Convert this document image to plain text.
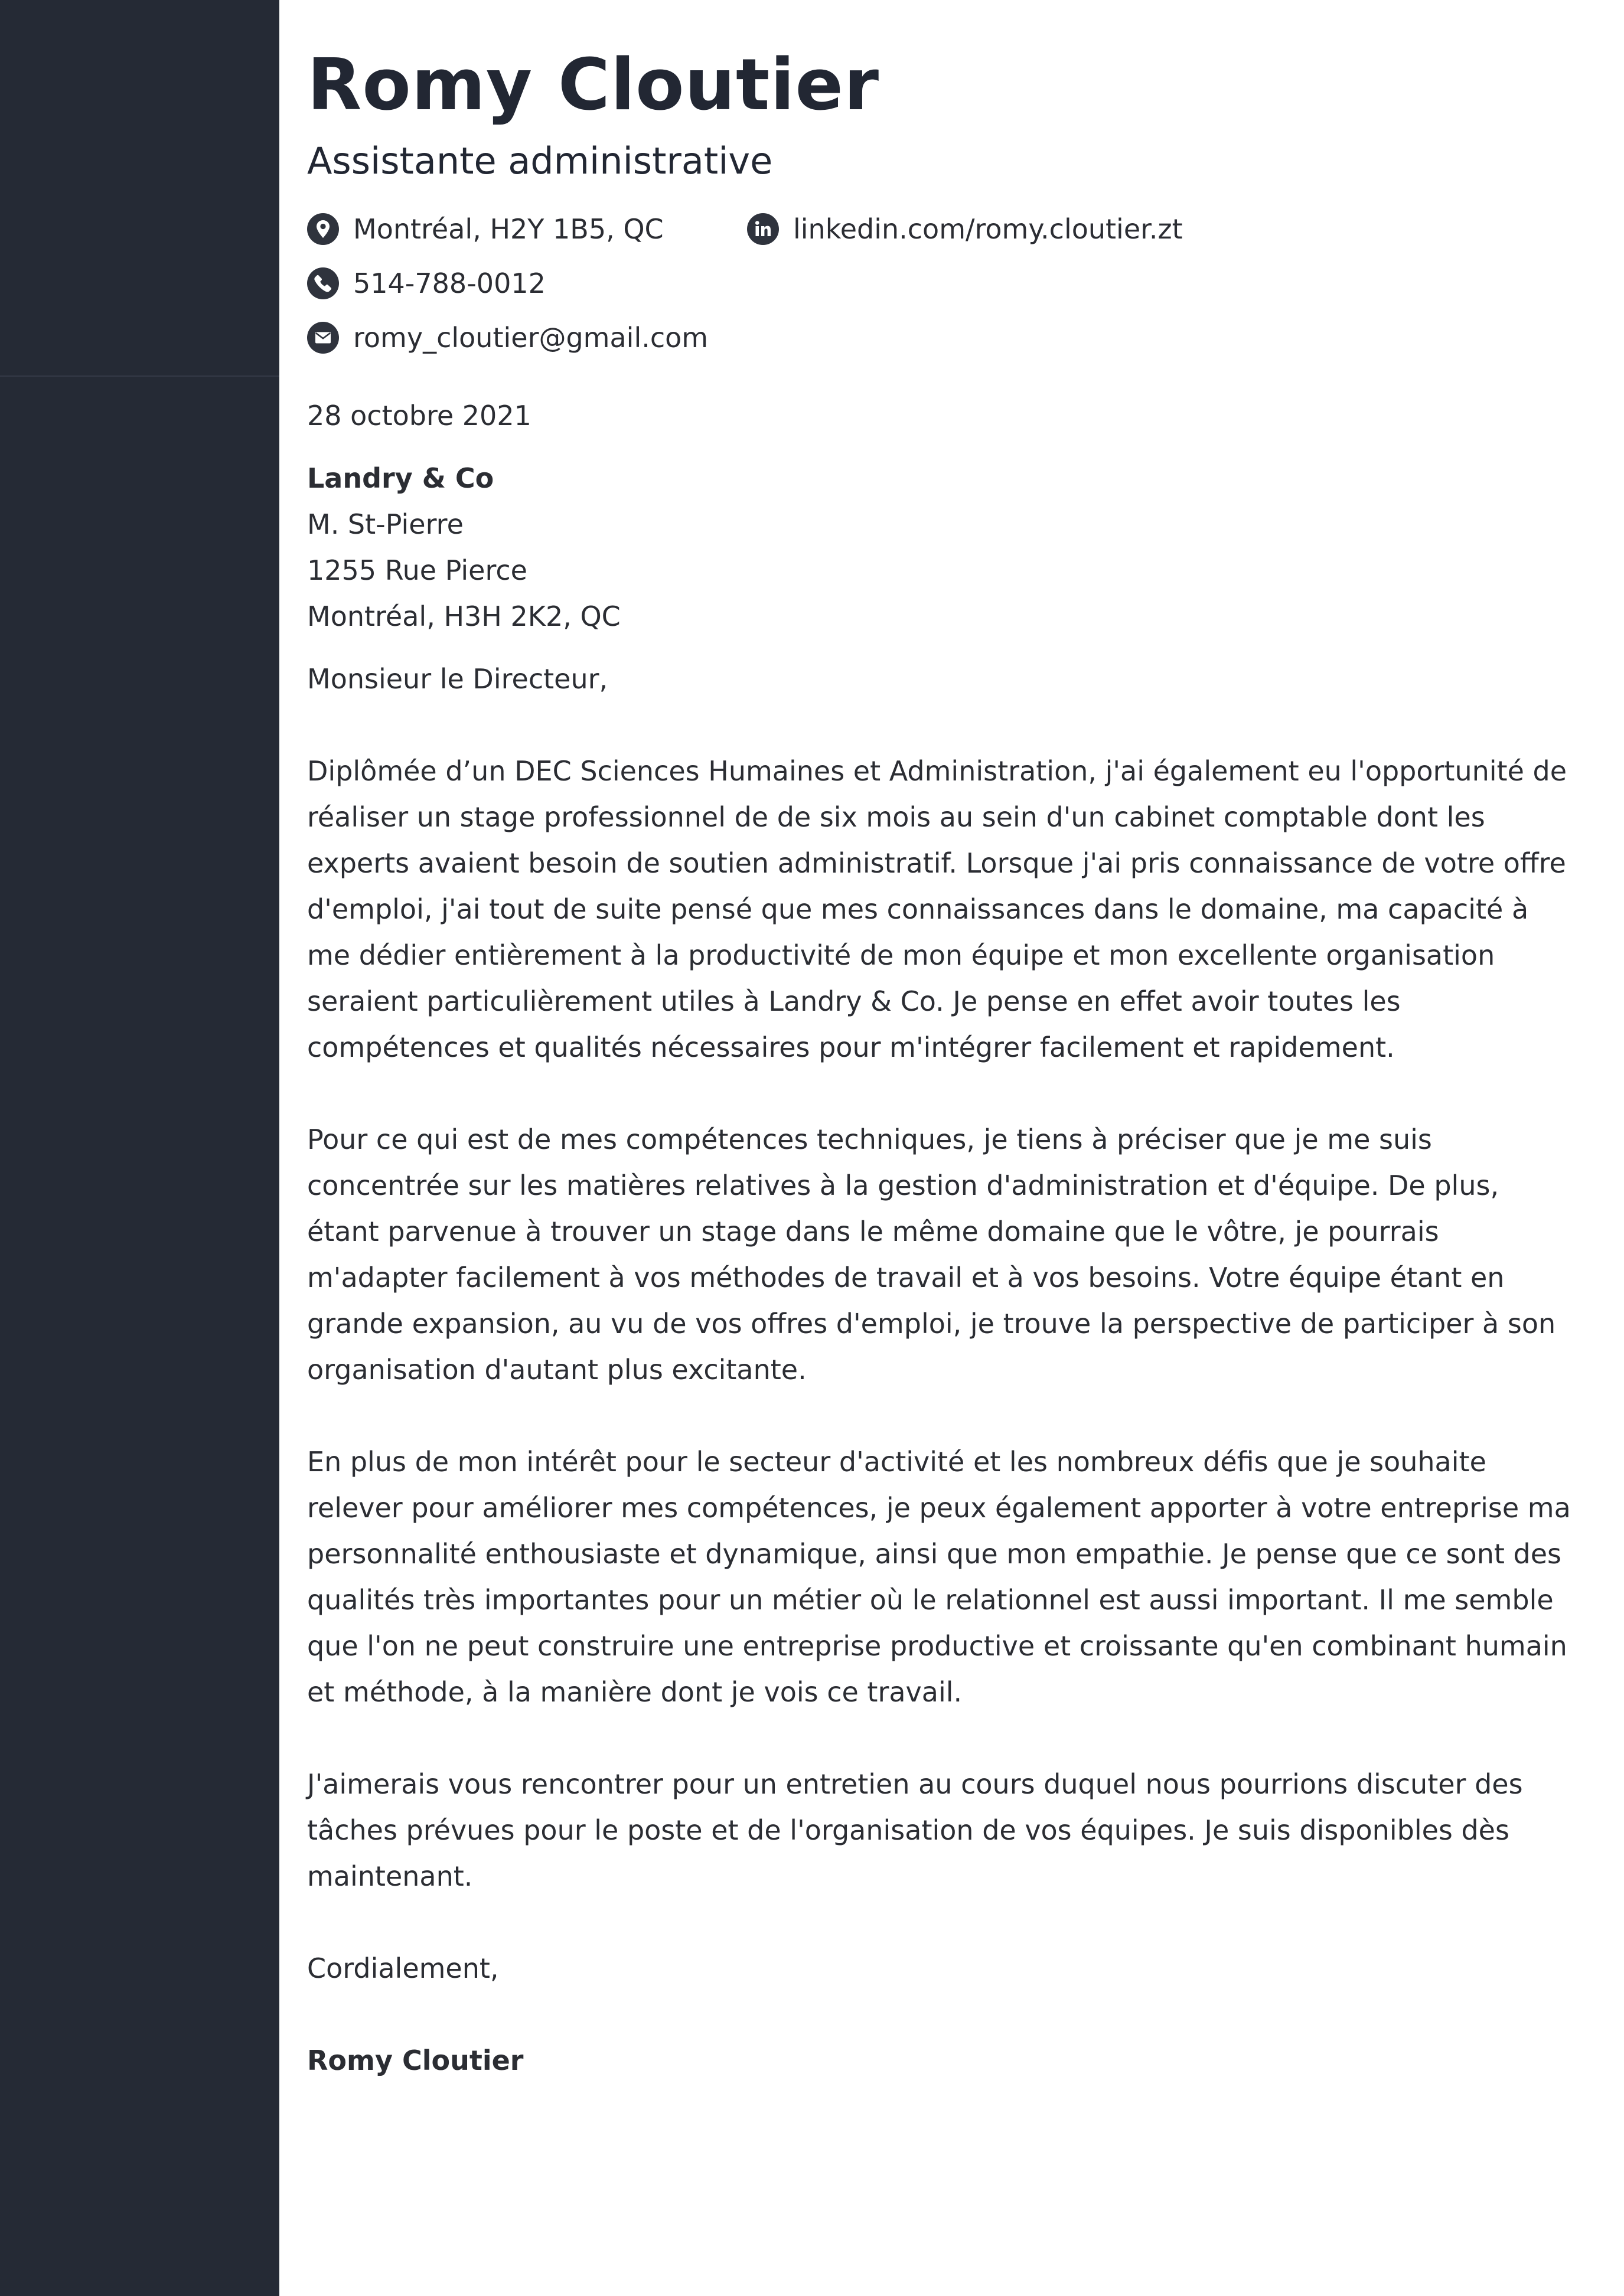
Romy Cloutier
Assistante administrative
Montréal, H2Y 1B5, QC	linkedin.com/romy.cloutier.zt
514-788-0012
romy_cloutier@gmail.com

28 octobre 2021

Landry & Co

M. St-Pierre

1255 Rue Pierce

Montréal, H3H 2K2, QC

Monsieur le Directeur,

Diplômée d’un DEC Sciences Humaines et Administration, j'ai également eu l'opportunité de réaliser un stage professionnel de de six mois au sein d'un cabinet comptable dont les experts avaient besoin de soutien administratif. Lorsque j'ai pris connaissance de votre offre d'emploi, j'ai tout de suite pensé que mes connaissances dans le domaine, ma capacité à me dédier entièrement à la productivité de mon équipe et mon excellente organisation seraient particulièrement utiles à Landry & Co. Je pense en effet avoir toutes les compétences et qualités nécessaires pour m'intégrer facilement et rapidement.

Pour ce qui est de mes compétences techniques, je tiens à préciser que je me suis concentrée sur les matières relatives à la gestion d'administration et d'équipe. De plus, étant parvenue à trouver un stage dans le même domaine que le vôtre, je pourrais m'adapter facilement à vos méthodes de travail et à vos besoins. Votre équipe étant en grande expansion, au vu de vos offres d'emploi, je trouve la perspective de participer à son organisation d'autant plus excitante.

En plus de mon intérêt pour le secteur d'activité et les nombreux défis que je souhaite relever pour améliorer mes compétences, je peux également apporter à votre entreprise ma personnalité enthousiaste et dynamique, ainsi que mon empathie. Je pense que ce sont des qualités très importantes pour un métier où le relationnel est aussi important. Il me semble que l'on ne peut construire une entreprise productive et croissante qu'en combinant humain et méthode, à la manière dont je vois ce travail.

J'aimerais vous rencontrer pour un entretien au cours duquel nous pourrions discuter des tâches prévues pour le poste et de l'organisation de vos équipes. Je suis disponibles dès maintenant.

Cordialement,

Romy Cloutier
